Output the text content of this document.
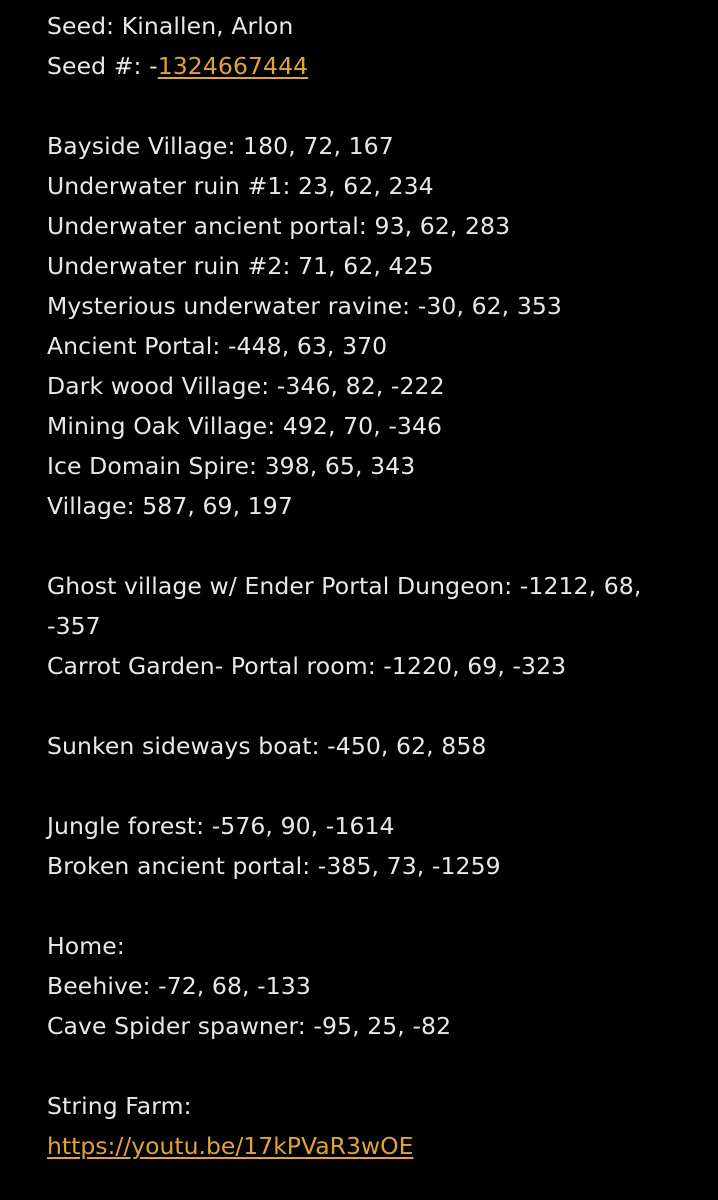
Seed: Kinallen, Arlon
Seed #: -1324667444
Bayside Village: 180, 72, 167
Underwater ruin #1: 23, 62, 234
Underwater ancient portal: 93, 62, 283
Underwater ruin #2: 71, 62, 425
Mysterious underwater ravine: -30, 62, 353
Ancient Portal: -448, 63, 370
Dark wood Village: -346, 82, -222
Mining Oak Village: 492, 70, -346
Ice Domain Spire: 398, 65, 343
Village: 587, 69, 197
Ghost village w/ Ender Portal Dungeon: -1212, 68, -357
Carrot Garden- Portal room: -1220, 69, -323
Sunken sideways boat: -450, 62, 858
Jungle forest: -576, 90, -1614
Broken ancient portal: -385, 73, -1259
Home:
Beehive: -72, 68, -133
Cave Spider spawner: -95, 25, -82
String Farm:
https://youtu.be/17kPVaR3wOE
